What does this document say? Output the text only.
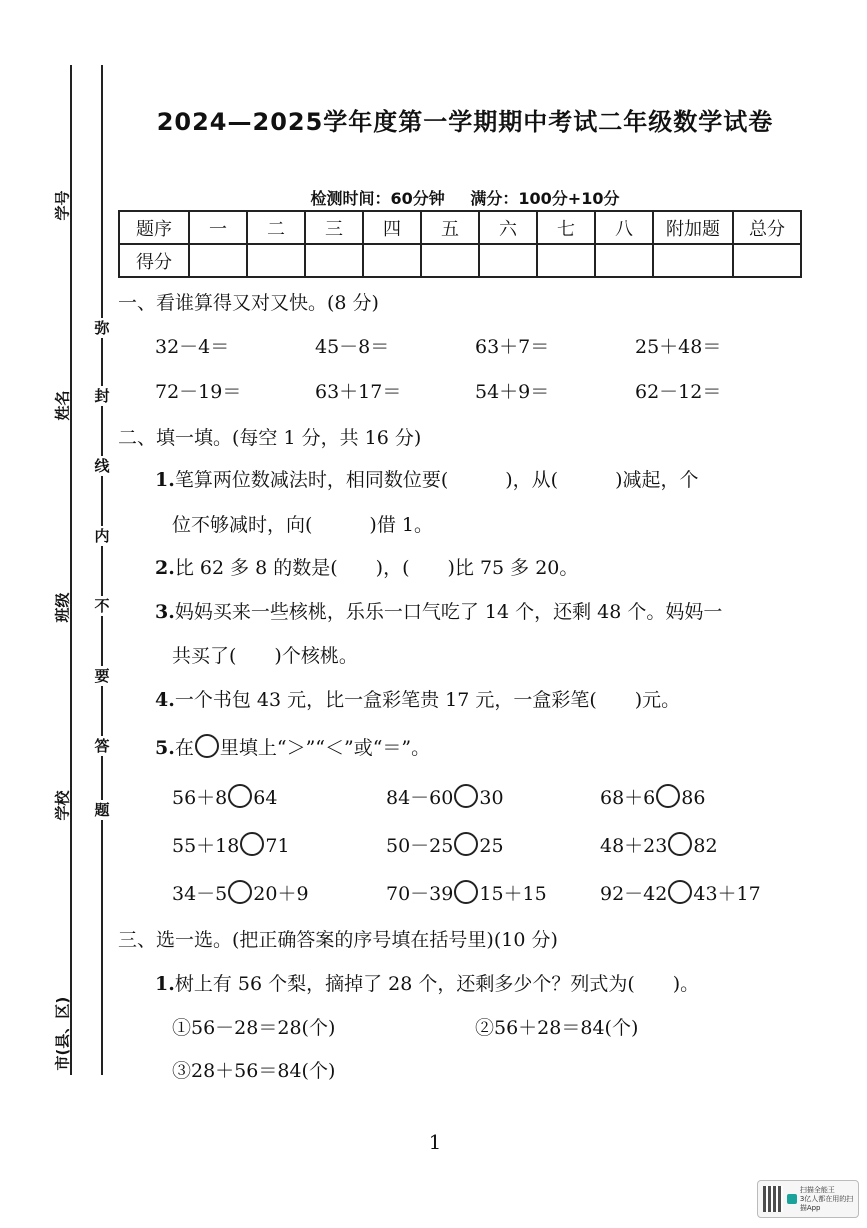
学号
姓名
班级
学校
市(县、区)
弥
封
线
内
不
要
答
题
2024—2025学年度第一学期期中考试二年级数学试卷
检测时间：60分钟 满分：100分+10分
题序	一	二	三	四	五	六	七	八	附加题	总分
得分										
一、看谁算得又对又快。(8 分)
32－4＝	45－8＝	63＋7＝	25＋48＝
72－19＝	63＋17＝	54＋9＝	62－12＝
二、填一填。(每空 1 分，共 16 分)
1.笔算两位数减法时，相同数位要(　　　)，从(　　　)减起，个
位不够减时，向(　　　)借 1。
2.比 62 多 8 的数是(　　)，(　　)比 75 多 20。
3.妈妈买来一些核桃，乐乐一口气吃了 14 个，还剩 48 个。妈妈一
共买了(　　)个核桃。
4.一个书包 43 元，比一盒彩笔贵 17 元，一盒彩笔(　　)元。
5.在 里填上“＞”“＜”或“＝”。
56＋8 64	84－60 30	68＋6 86
55＋18 71	50－25 25	48＋23 82
34－5 20＋9	70－39 15＋15	92－42 43＋17
三、选一选。(把正确答案的序号填在括号里)(10 分)
1.树上有 56 个梨，摘掉了 28 个，还剩多少个？列式为(　　)。
①56－28＝28(个)	②56＋28＝84(个)
③28＋56＝84(个)
1
扫描全能王
3亿人都在用的扫描App
